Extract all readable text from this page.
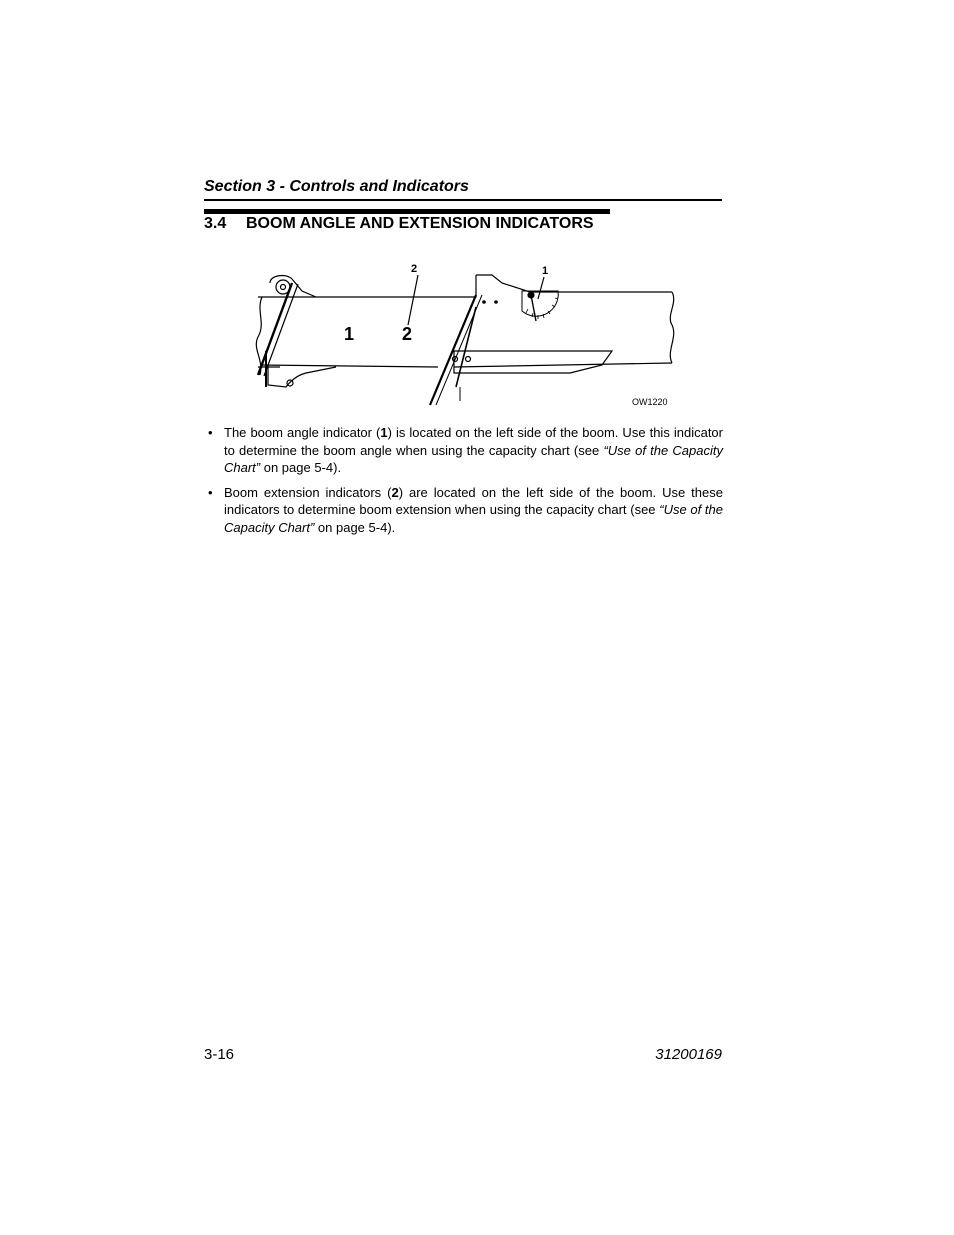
Section 3 - Controls and Indicators
3.4 BOOM ANGLE AND EXTENSION INDICATORS
2	1
1	2
OW1220
• The boom angle indicator (1) is located on the left side of the boom. Use this indicator to determine the boom angle when using the capacity chart (see “Use of the Capacity Chart” on page 5-4).
• Boom extension indicators (2) are located on the left side of the boom. Use these indicators to determine boom extension when using the capacity chart (see “Use of the Capacity Chart” on page 5-4).
3-16	31200169
